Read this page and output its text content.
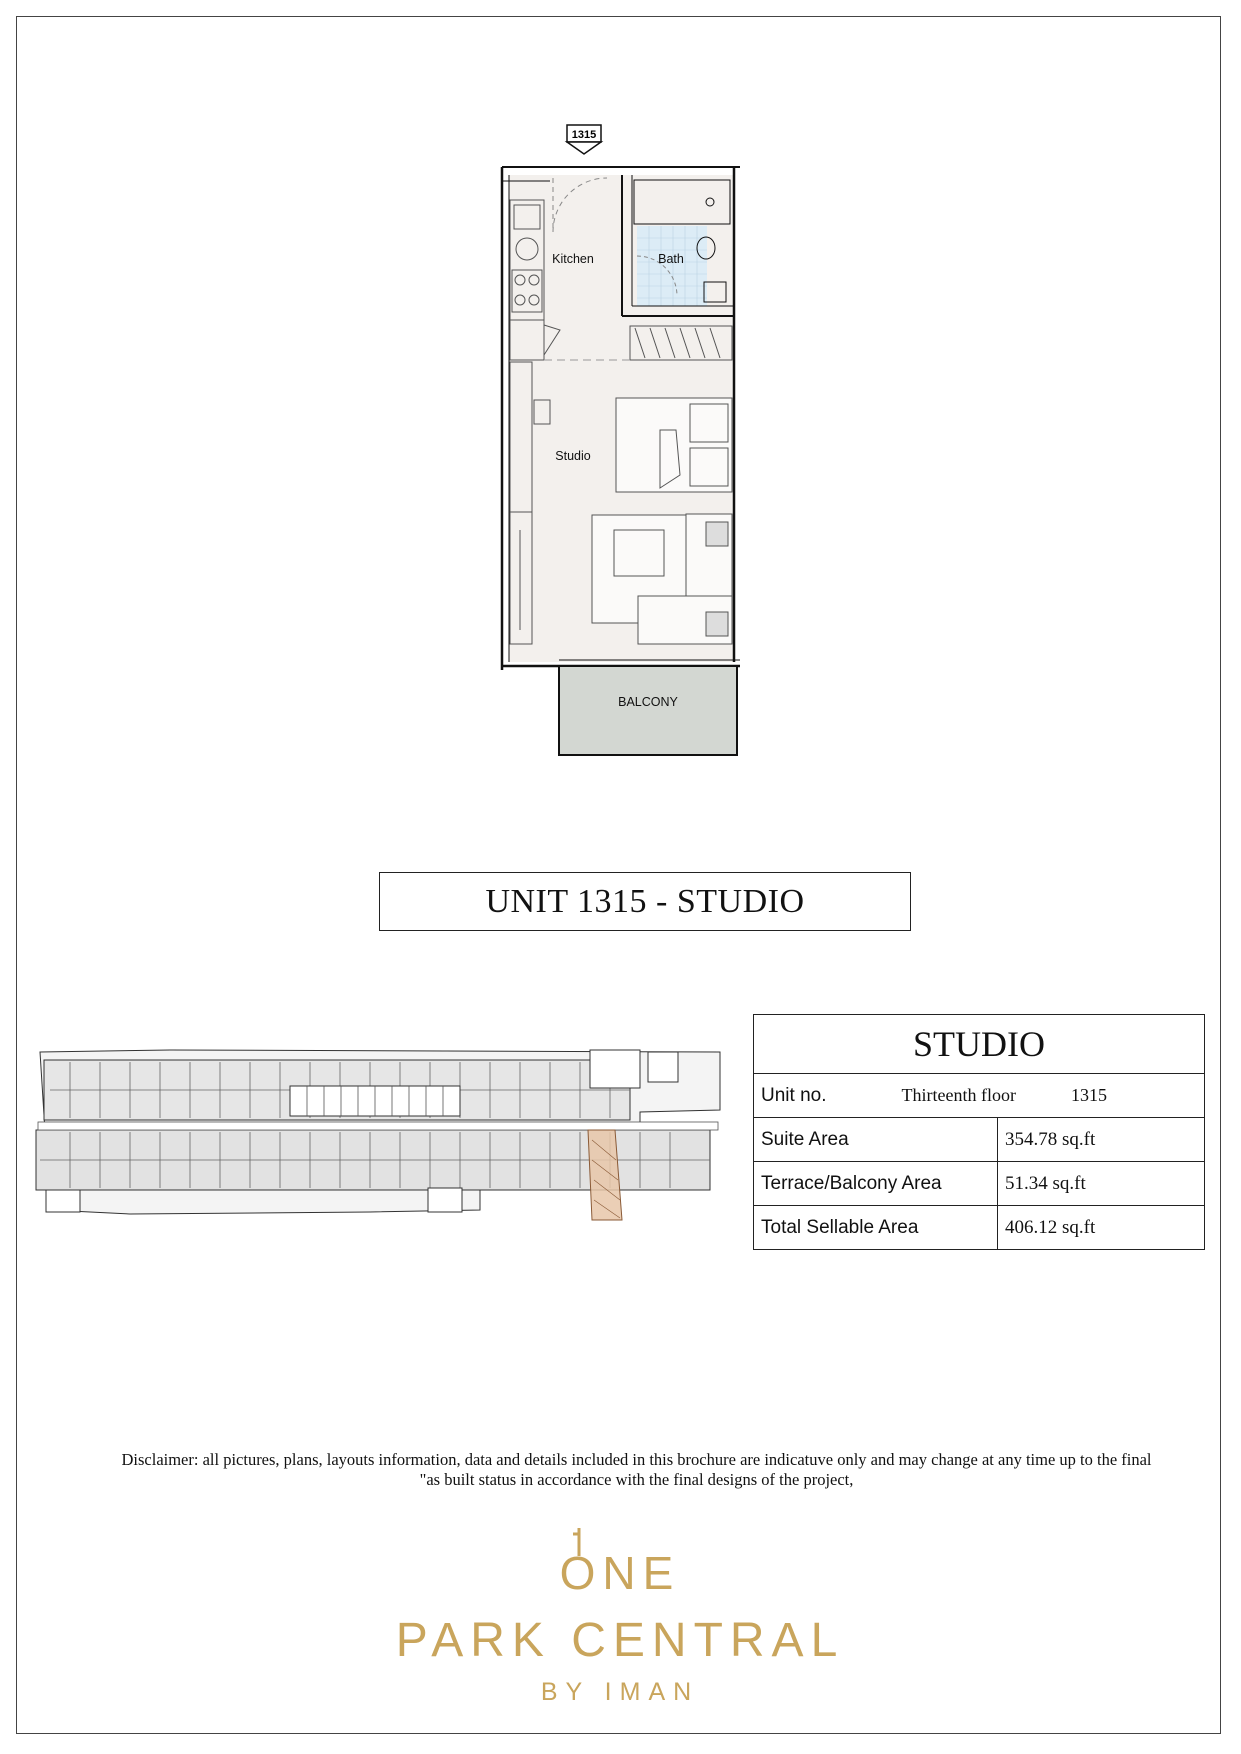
1315
Kitchen	Bath
Studio
BALCONY
UNIT 1315 - STUDIO
STUDIO	

Unit no. Thirteenth floor 1315	

Suite Area	354.78 sq.ft
Terrace/Balcony Area	51.34 sq.ft
Total Sellable Area	406.12 sq.ft
Disclaimer: all pictures, plans, layouts information, data and details included in this brochure are indicatuve only and may change at any time up to the final
"as built status in accordance with the final designs of the project,
ONE
PARK CENTRAL
BY IMAN
